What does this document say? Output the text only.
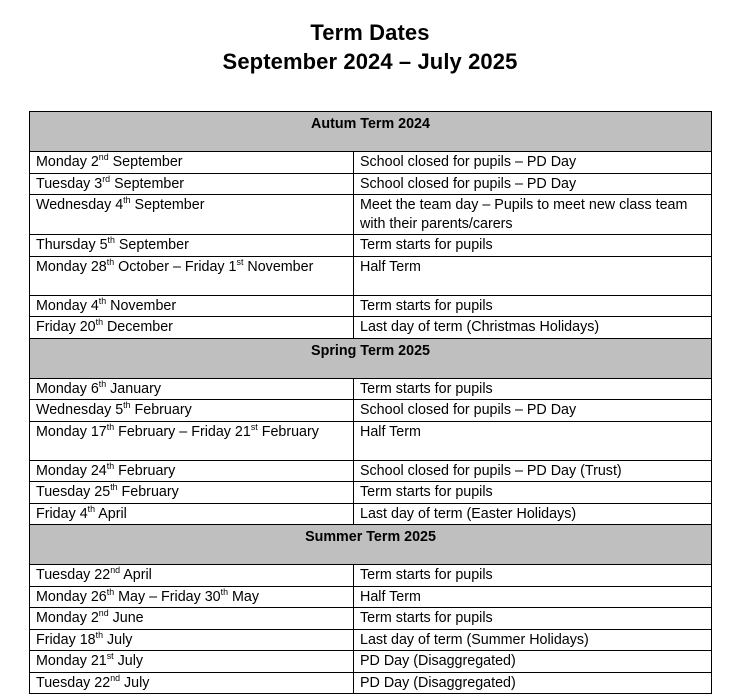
Term Dates
September 2024 – July 2025
Autum Term 2024	

Monday 2nd September	School closed for pupils – PD Day

Tuesday 3rd September	School closed for pupils – PD Day

Wednesday 4th September	Meet the team day – Pupils to meet new class team with their parents/carers

Thursday 5th September	Term starts for pupils

Monday 28th October – Friday 1st November	Half Term

Monday 4th November	Term starts for pupils

Friday 20th December	Last day of term (Christmas Holidays)

Spring Term 2025	

Monday 6th January	Term starts for pupils

Wednesday 5th February	School closed for pupils – PD Day

Monday 17th February – Friday 21st February	Half Term

Monday 24th February	School closed for pupils – PD Day (Trust)

Tuesday 25th February	Term starts for pupils

Friday 4th April	Last day of term (Easter Holidays)

Summer Term 2025	

Tuesday 22nd April	Term starts for pupils

Monday 26th May – Friday 30th May	Half Term

Monday 2nd June	Term starts for pupils

Friday 18th July	Last day of term (Summer Holidays)

Monday 21st July	PD Day (Disaggregated)

Tuesday 22nd July	PD Day (Disaggregated)
